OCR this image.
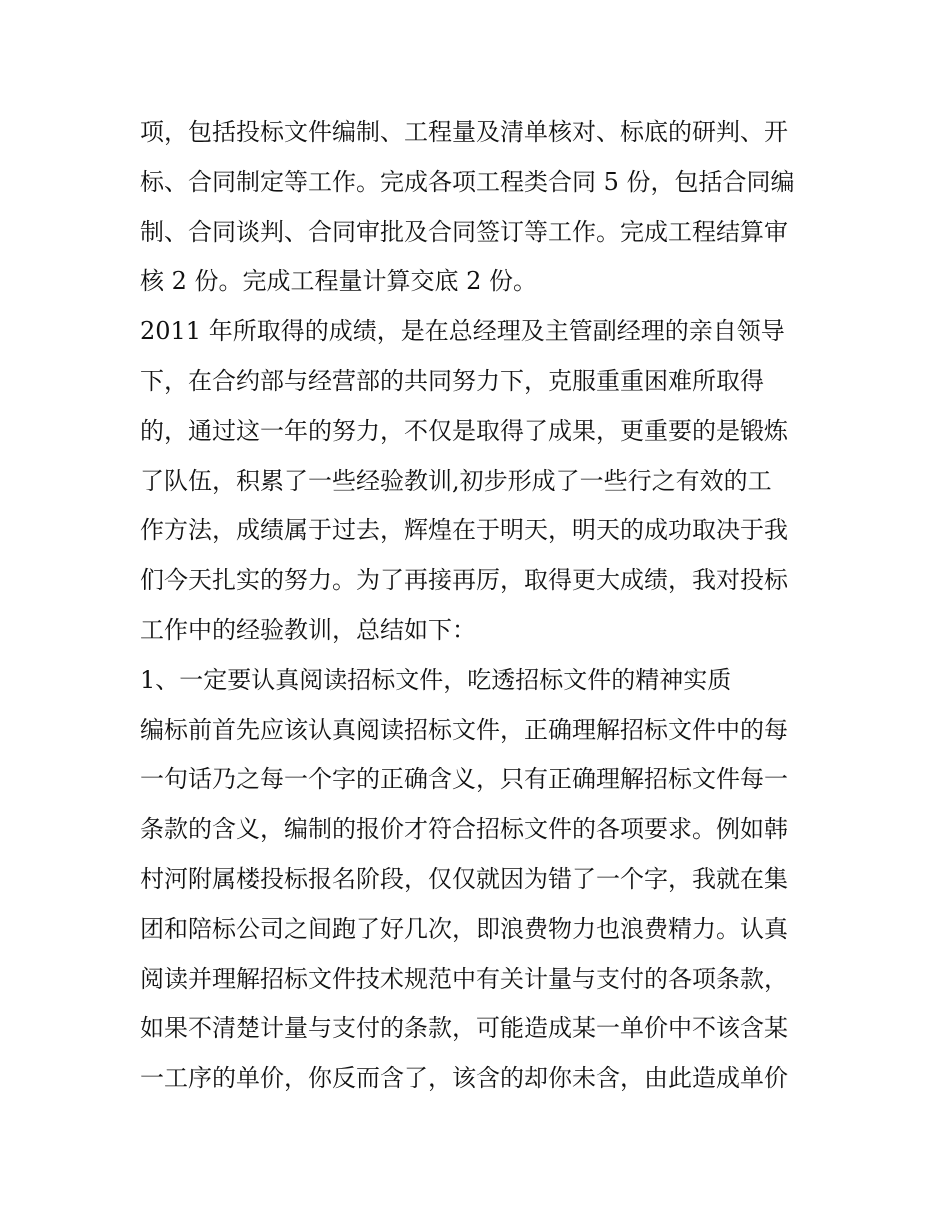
项，包括投标文件编制、工程量及清单核对、标底的研判、开
标、合同制定等工作。完成各项工程类合同 5 份，包括合同编
制、合同谈判、合同审批及合同签订等工作。完成工程结算审
核 2 份。完成工程量计算交底 2 份。
2011 年所取得的成绩，是在总经理及主管副经理的亲自领导
下，在合约部与经营部的共同努力下，克服重重困难所取得
的，通过这一年的努力，不仅是取得了成果，更重要的是锻炼
了队伍，积累了一些经验教训,初步形成了一些行之有效的工
作方法，成绩属于过去，辉煌在于明天，明天的成功取决于我
们今天扎实的努力。为了再接再厉，取得更大成绩，我对投标
工作中的经验教训，总结如下：
1、一定要认真阅读招标文件，吃透招标文件的精神实质
编标前首先应该认真阅读招标文件，正确理解招标文件中的每
一句话乃之每一个字的正确含义，只有正确理解招标文件每一
条款的含义，编制的报价才符合招标文件的各项要求。例如韩
村河附属楼投标报名阶段，仅仅就因为错了一个字，我就在集
团和陪标公司之间跑了好几次，即浪费物力也浪费精力。认真
阅读并理解招标文件技术规范中有关计量与支付的各项条款，
如果不清楚计量与支付的条款，可能造成某一单价中不该含某
一工序的单价，你反而含了，该含的却你未含，由此造成单价
